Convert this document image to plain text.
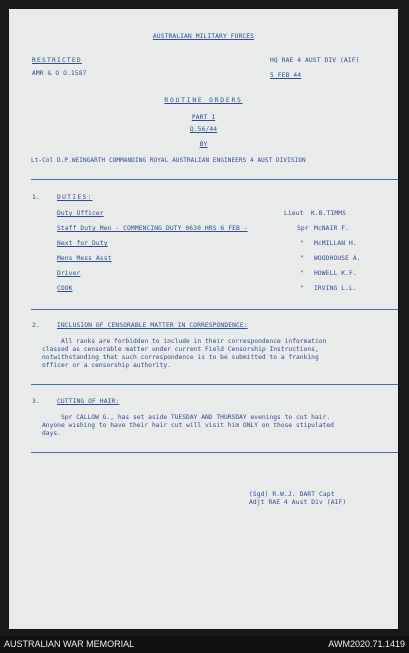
AUSTRALIAN MILITARY FORCES
RESTRICTED	HQ RAE 4 AUST DIV (AIF)
AMR & O O.1587	5 FEB 44
ROUTINE ORDERS
PART 1
Q.56/44
BY
Lt-Col D.P.WEINGARTH COMMANDING ROYAL AUSTRALIAN ENGINEERS 4 AUST DIVISION
1.	DUTIES:
Duty Officer	Lieut K.B.TIMMS
Staff Duty Men - COMMENCING DUTY 0630 HRS 6 FEB -	Spr McNAIR F.
Next for Duty	" McMILLAN H.
Mens Mess Asst	" WOODHOUSE A.
Driver	" HOWELL K.F.
COOK	" IRVING L.L.
2.	INCLUSION OF CENSORABLE MATTER IN CORRESPONDENCE:
All ranks are forbidden to include in their correspondence information
classed as censorable matter under current Field Censorship Instructions,
notwithstanding that such correspondence is to be submitted to a franking
officer or a censorship authority.
3.	CUTTING OF HAIR:
Spr CALLOW G., has set aside TUESDAY AND THURSDAY evenings to cut hair.
Anyone wishing to have their hair cut will visit him ONLY on those stipulated
days.
(Sgd) R.W.J. DART Capt
Adjt RAE 4 Aust Div (AIF)
AUSTRALIAN WAR MEMORIAL	AWM2020.71.1419
